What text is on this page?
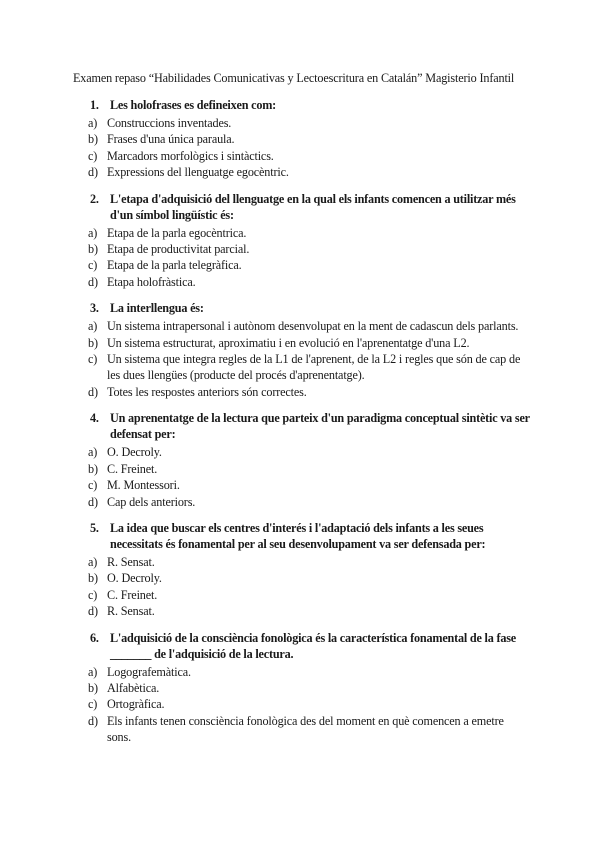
Examen repaso “Habilidades Comunicativas y Lectoescritura en Catalán” Magisterio Infantil
1. Les holofrases es defineixen com:
a) Construccions inventades.
b) Frases d'una única paraula.
c) Marcadors morfològics i sintàctics.
d) Expressions del llenguatge egocèntric.
2. L'etapa d'adquisició del llenguatge en la qual els infants comencen a utilitzar més d'un símbol lingüístic és:
a) Etapa de la parla egocèntrica.
b) Etapa de productivitat parcial.
c) Etapa de la parla telegràfica.
d) Etapa holofràstica.
3. La interllengua és:
a) Un sistema intrapersonal i autònom desenvolupat en la ment de cadascun dels parlants.
b) Un sistema estructurat, aproximatiu i en evolució en l'aprenentatge d'una L2.
c) Un sistema que integra regles de la L1 de l'aprenent, de la L2 i regles que són de cap de les dues llengües (producte del procés d'aprenentatge).
d) Totes les respostes anteriors són correctes.
4. Un aprenentatge de la lectura que parteix d'un paradigma conceptual sintètic va ser defensat per:
a) O. Decroly.
b) C. Freinet.
c) M. Montessori.
d) Cap dels anteriors.
5. La idea que buscar els centres d'interés i l'adaptació dels infants a les seues necessitats és fonamental per al seu desenvolupament va ser defensada per:
a) R. Sensat.
b) O. Decroly.
c) C. Freinet.
d) R. Sensat.
6. L'adquisició de la consciència fonològica és la característica fonamental de la fase _______ de l'adquisició de la lectura.
a) Logografemàtica.
b) Alfabètica.
c) Ortogràfica.
d) Els infants tenen consciència fonològica des del moment en què comencen a emetre sons.
